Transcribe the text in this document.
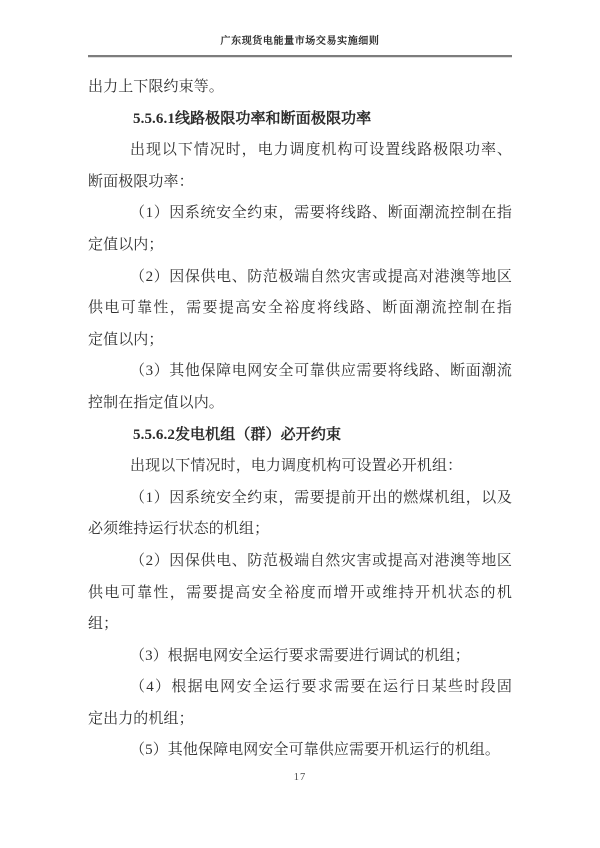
广东现货电能量市场交易实施细则
出力上下限约束等。
5.5.6.1线路极限功率和断面极限功率
出现以下情况时，电力调度机构可设置线路极限功率、
断面极限功率：
（1）因系统安全约束，需要将线路、断面潮流控制在指
定值以内；
（2）因保供电、防范极端自然灾害或提高对港澳等地区
供电可靠性，需要提高安全裕度将线路、断面潮流控制在指
定值以内；
（3）其他保障电网安全可靠供应需要将线路、断面潮流
控制在指定值以内。
5.5.6.2发电机组（群）必开约束
出现以下情况时，电力调度机构可设置必开机组：
（1）因系统安全约束，需要提前开出的燃煤机组，以及
必须维持运行状态的机组；
（2）因保供电、防范极端自然灾害或提高对港澳等地区
供电可靠性，需要提高安全裕度而增开或维持开机状态的机
组；
（3）根据电网安全运行要求需要进行调试的机组；
（4）根据电网安全运行要求需要在运行日某些时段固
定出力的机组；
（5）其他保障电网安全可靠供应需要开机运行的机组。
17
